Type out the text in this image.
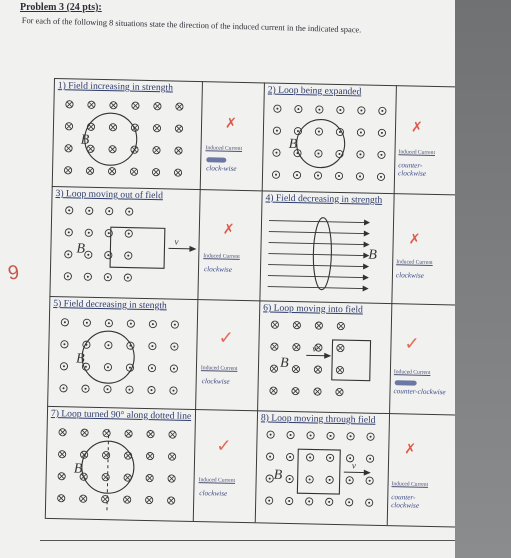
Problem 3 (24 pts):
For each of the following 8 situations state the direction of the induced current in the indicated space.
9
1) Field increasing in strength
B
✗
Induced Current
clock-wise
2) Loop being expanded
B
✗
Induced Current
counter-clockwise
3) Loop moving out of field
v
B
✗
Induced Current
clockwise
4) Field decreasing in strength
B
✗
Induced Current
clockwise
5) Field decreasing in stength
B
✓
Induced Current
clockwise
6) Loop moving into field
v
B
✓
Induced Current
counter-clockwise
7) Loop turned 90° along dotted line
B
✓
Induced Current
clockwise
8) Loop moving through field
v
B
✗
Induced Current
counter-clockwise
